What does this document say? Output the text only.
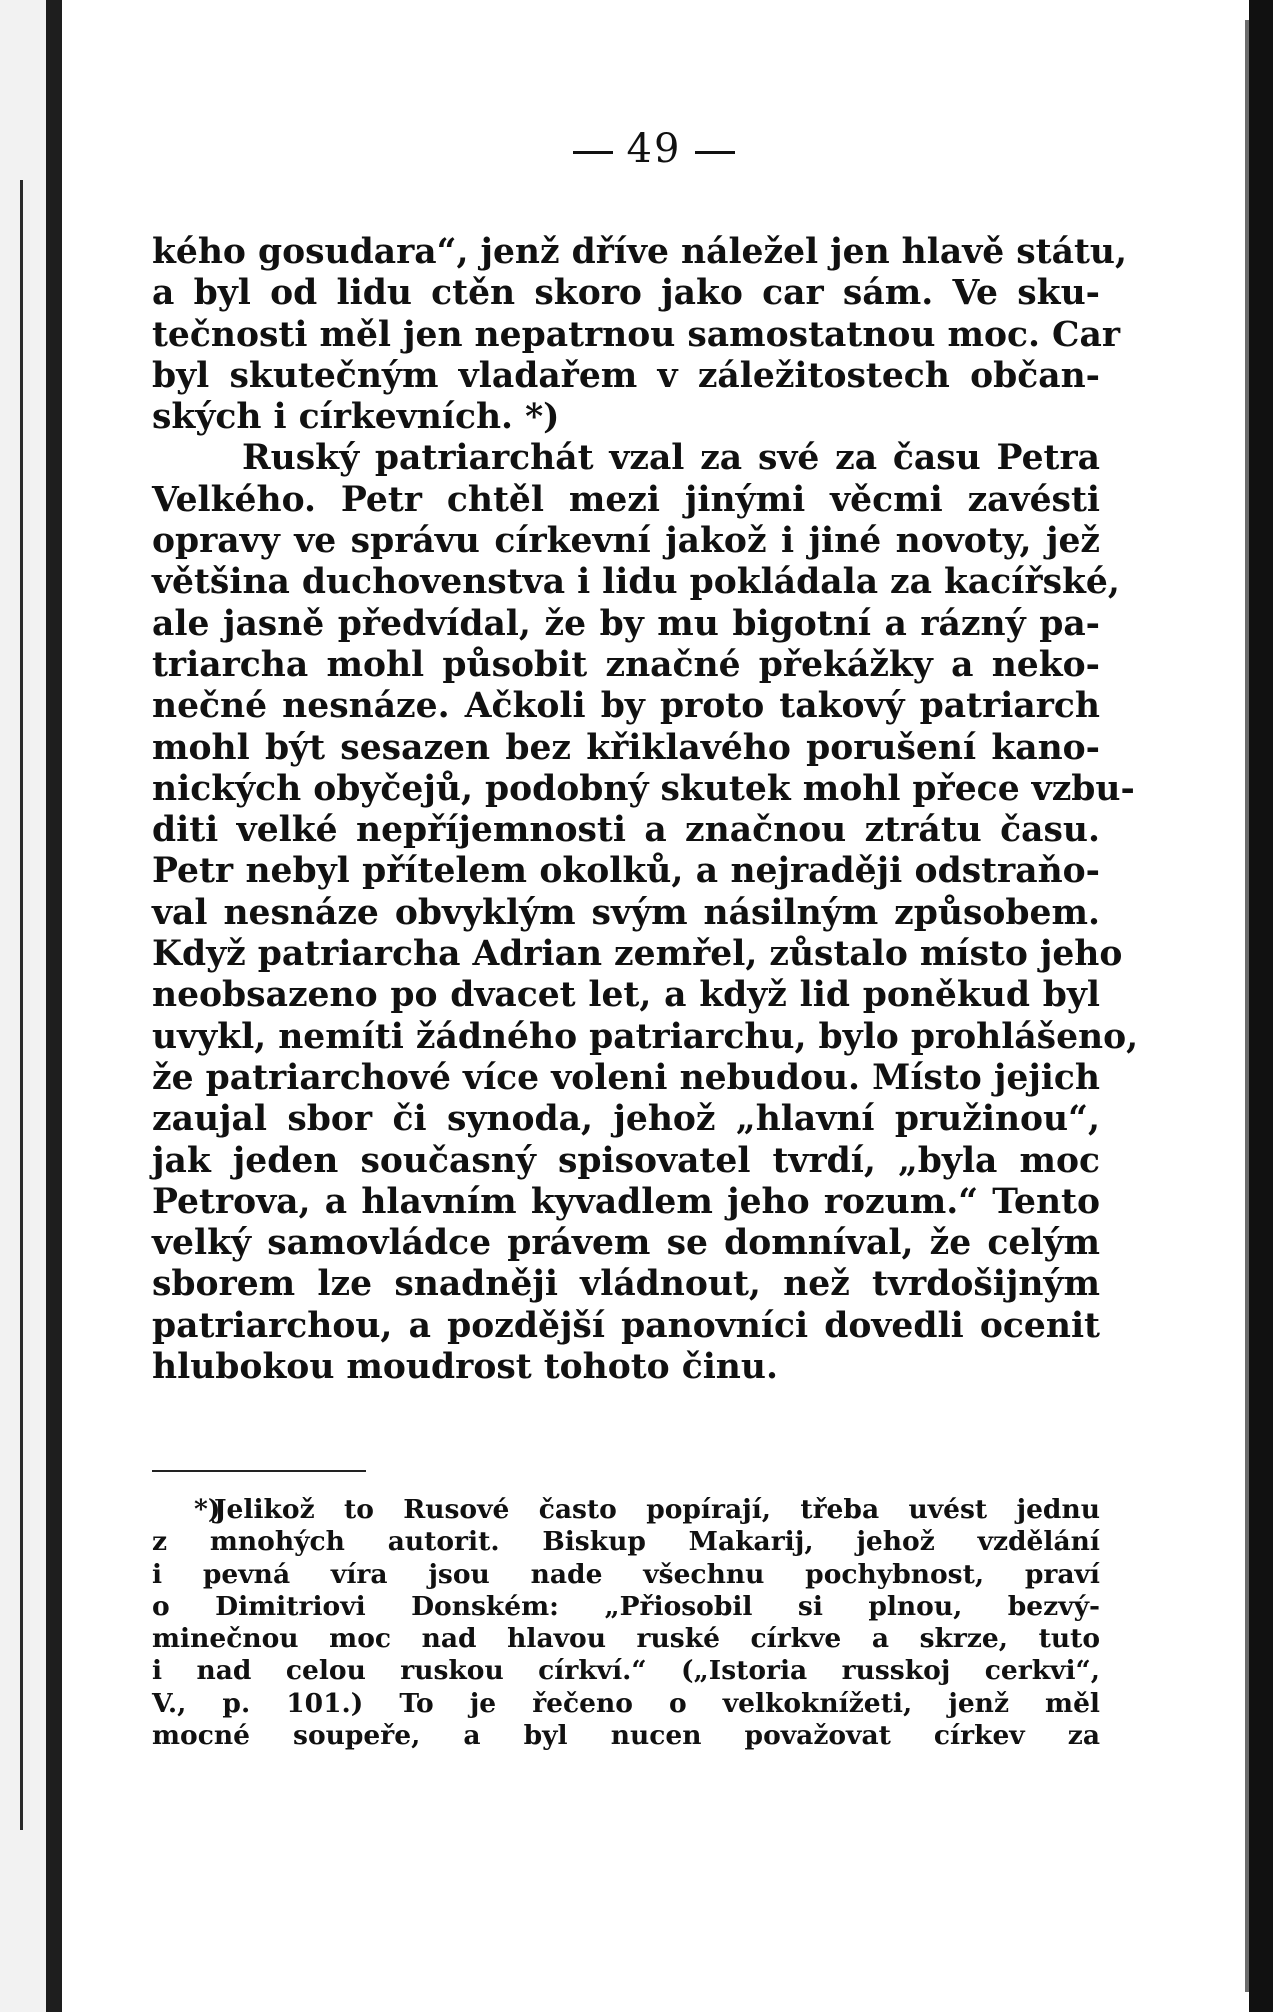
49
kého gosudara“, jenž dříve náležel jen hlavě státu,
a byl od lidu ctěn skoro jako car sám. Ve sku-
tečnosti měl jen nepatrnou samostatnou moc. Car
byl skutečným vladařem v záležitostech občan-
ských i církevních. *)
Ruský patriarchát vzal za své za času Petra
Velkého. Petr chtěl mezi jinými věcmi zavésti
opravy ve správu církevní jakož i jiné novoty, jež
většina duchovenstva i lidu pokládala za kacířské,
ale jasně předvídal, že by mu bigotní a rázný pa-
triarcha mohl působit značné překážky a neko-
nečné nesnáze. Ačkoli by proto takový patriarch
mohl být sesazen bez křiklavého porušení kano-
nických obyčejů, podobný skutek mohl přece vzbu-
diti velké nepříjemnosti a značnou ztrátu času.
Petr nebyl přítelem okolků, a nejraději odstraňo-
val nesnáze obvyklým svým násilným způsobem.
Když patriarcha Adrian zemřel, zůstalo místo jeho
neobsazeno po dvacet let, a když lid poněkud byl
uvykl, nemíti žádného patriarchu, bylo prohlášeno,
že patriarchové více voleni nebudou. Místo jejich
zaujal sbor či synoda, jehož „hlavní pružinou“,
jak jeden současný spisovatel tvrdí, „byla moc
Petrova, a hlavním kyvadlem jeho rozum.“ Tento
velký samovládce právem se domníval, že celým
sborem lze snadněji vládnout, než tvrdošijným
patriarchou, a pozdější panovníci dovedli ocenit
hlubokou moudrost tohoto činu.
*)
Jelikož to Rusové často popírají, třeba uvést jednu
z mnohých autorit. Biskup Makarij, jehož vzdělání
i pevná víra jsou nade všechnu pochybnost, praví
o Dimitriovi Donském: „Přiosobil si plnou, bezvý-
minečnou moc nad hlavou ruské církve a skrze, tuto
i nad celou ruskou církví.“ („Istoria russkoj cerkvi“,
V., p. 101.) To je řečeno o velkoknížeti, jenž měl
mocné soupeře, a byl nucen považovat církev za
